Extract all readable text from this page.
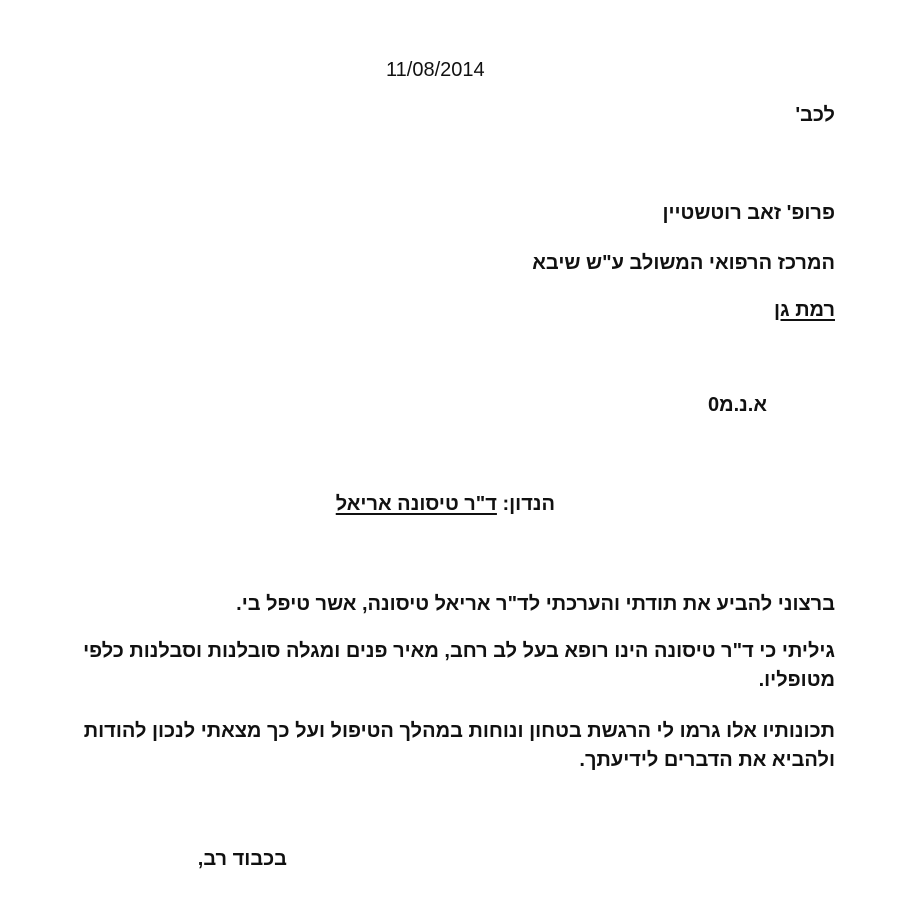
11/08/2014
לכב'
פרופ' זאב רוטשטיין
המרכז הרפואי המשולב ע"ש שיבא
רמת גן
א.נ.מ0
הנדון: ד"ר טיסונה אריאל
ברצוני להביע את תודתי והערכתי לד"ר אריאל טיסונה, אשר טיפל בי.
גיליתי כי ד"ר טיסונה הינו רופא בעל לב רחב, מאיר פנים ומגלה סובלנות וסבלנות כלפי מטופליו.
תכונותיו אלו גרמו לי הרגשת בטחון ונוחות במהלך הטיפול ועל כך מצאתי לנכון להודות ולהביא את הדברים לידיעתך.
בכבוד רב,
